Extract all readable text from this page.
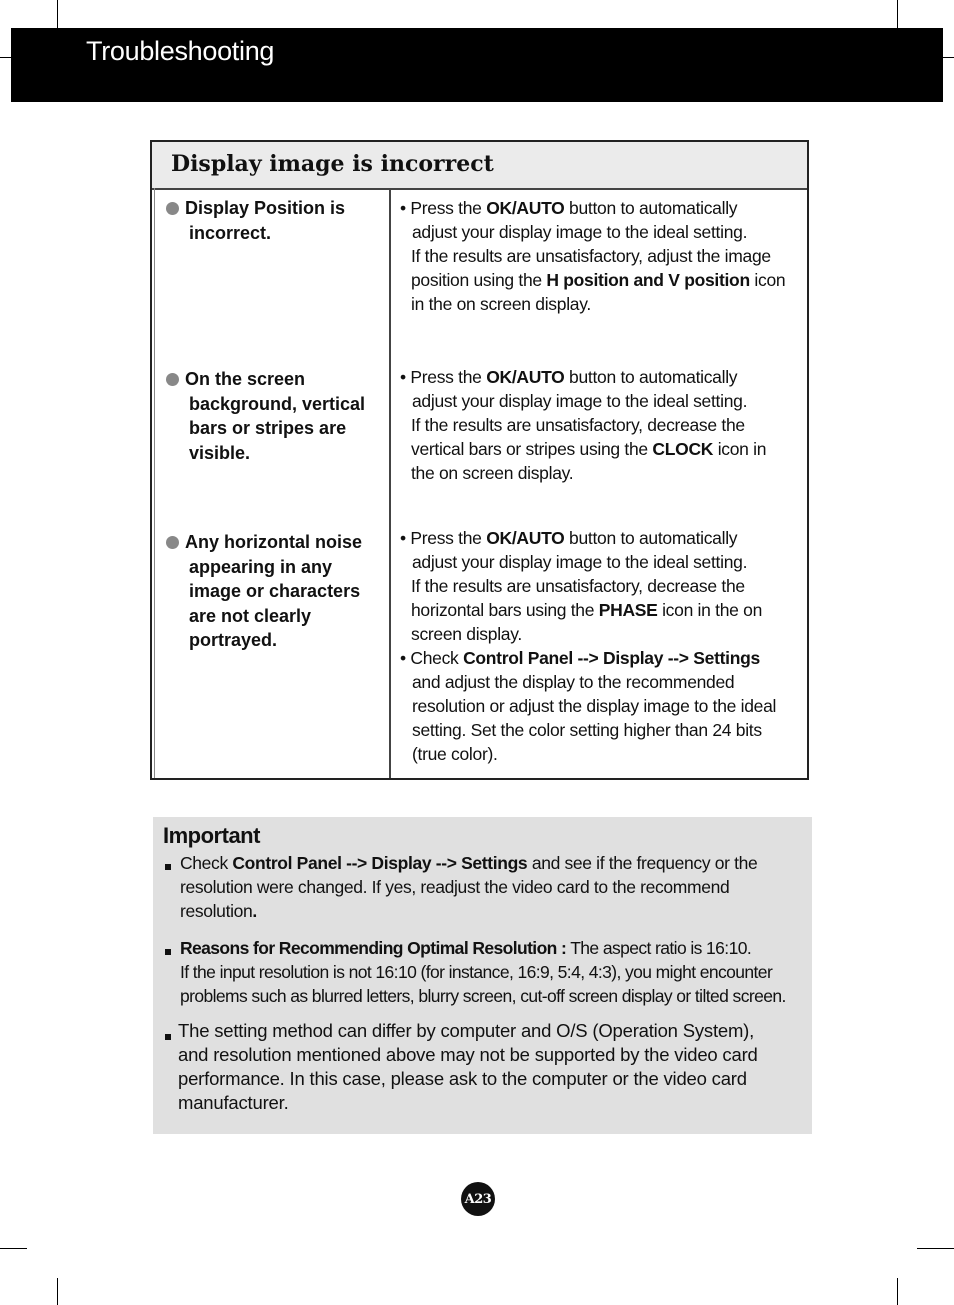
Troubleshooting
Display image is incorrect
Display Position is
incorrect.
• Press the OK/AUTO button to automatically
adjust your display image to the ideal setting.
If the results are unsatisfactory, adjust the image
position using the H position and V position icon
in the on screen display.
On the screen
background, vertical
bars or stripes are
visible.
• Press the OK/AUTO button to automatically
adjust your display image to the ideal setting.
If the results are unsatisfactory, decrease the
vertical bars or stripes using the CLOCK icon in
the on screen display.
Any horizontal noise
appearing in any
image or characters
are not clearly
portrayed.
• Press the OK/AUTO button to automatically
adjust your display image to the ideal setting.
If the results are unsatisfactory, decrease the
horizontal bars using the PHASE icon in the on
screen display.
• Check Control Panel --> Display --> Settings
and adjust the display to the recommended
resolution or adjust the display image to the ideal
setting. Set the color setting higher than 24 bits
(true color).
Important
Check Control Panel --> Display --> Settings and see if the frequency or the
resolution were changed. If yes, readjust the video card to the recommend
resolution.
Reasons for Recommending Optimal Resolution : The aspect ratio is 16:10.
If the input resolution is not 16:10 (for instance, 16:9, 5:4, 4:3), you might encounter
problems such as blurred letters, blurry screen, cut-off screen display or tilted screen.
The setting method can differ by computer and O/S (Operation System),
and resolution mentioned above may not be supported by the video card
performance. In this case, please ask to the computer or the video card
manufacturer.
A23
